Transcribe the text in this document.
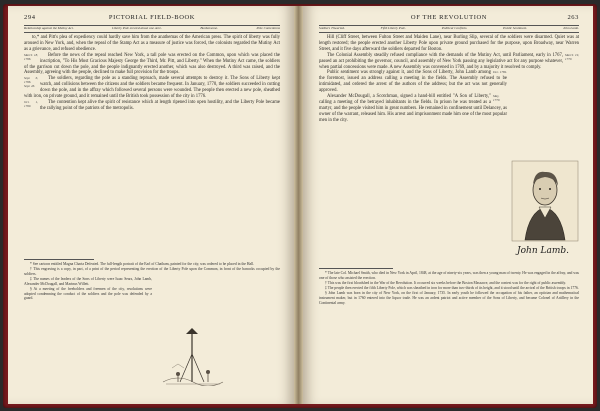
294	PICTORIAL FIELD-BOOK
Relationship against the Mutiny Act.	Liberty Pole erected about one Acre.	Burdensome.	Pole Contentions

to,* and Pitt's plea of expediency could hardly save him from the anathemas of the American press. The spirit of liberty was fully aroused in New York, and, when the repeal of the Stamp Act as a measure of justice was forced, the colonists regarded the Mutiny Act as a grievance, and refused obedience.

March 18, 1766.
Before the news of the repeal reached New York, a tall pole was erected on the Common, upon which was placed the inscription, "To His Most Gracious Majesty George the Third, Mr. Pitt, and Liberty." When the Mutiny Act came, the soldiers of the garrison cut down the pole, and the people indignantly erected another, which was also destroyed. A third was raised, and the Assembly, agreeing with the people, declined to make full provision for the troops.

Sept. 6, 1766. Sept. 26.
The soldiers, regarding the pole as a standing reproach, made several attempts to destroy it. The Sons of Liberty kept watch, and collisions between the citizens and the soldiers became frequent. In January, 1770, the soldiers succeeded in cutting down the pole, and in the affray which followed several persons were wounded. The people then erected a new pole, sheathed with iron, on private ground, and it remained until the British took possession of the city in 1776.

Oct. 1, 1769.
The contention kept alive the spirit of resistance which at length ripened into open hostility, and the Liberty Pole became the rallying point of the patriots of the metropolis.

* See cartoon entitled Magna Charta Defeated. The full-length portrait of the Earl of Chatham, painted for the city, was ordered to be placed in the Hall.

† This engraving is a copy, in part, of a print of the period representing the erection of the Liberty Pole upon the Common, in front of the barracks occupied by the soldiers.

‡ The names of the leaders of the Sons of Liberty were Isaac Sears, John Lamb, Alexander McDougall, and Marinus Willett.

§ At a meeting of the freeholders and freemen of the city, resolutions were adopted condemning the conduct of the soldiers and the pole was defended by a guard.

OF THE REVOLUTION	263
Soldiers Thwarted.	Fifth Liberty Pole.	Political Conflicts.	Public Sentiment.	John Lamb.

Hill (Cliff Street, between Fulton Street and Maiden Lane), near Burling Slip, several of the soldiers were disarmed. Quiet was at length restored; the people erected another Liberty Pole upon private ground purchased for the purpose, upon Broadway, near Warren Street, and it five days afterward the soldiers departed for Boston.

March 19, 1770.
The Colonial Assembly steadily refused compliance with the demands of the Mutiny Act, until Parliament, early in 1767, passed an act prohibiting the governor, council, and assembly of New York passing any legislative act for any purpose whatever, when partial concessions were made. A new Assembly was convened in 1769, and by a majority it resolved to comply.

Dec. 1769.
Public sentiment was strongly against it, and the Sons of Liberty, John Lamb among the foremost, issued an address calling a meeting in the fields. The Assembly refused to be intimidated, and ordered the arrest of the authors of the address; but the act was not generally approved.

May, 1770.
Alexander McDougall, a Scotchman, signed a hand-bill entitled "A Son of Liberty," calling a meeting of the betrayed inhabitants in the fields. In prison he was treated as a martyr, and the people visited him in great numbers. He remained in confinement until Delancey, as owner of the warrant, released him. His arrest and imprisonment made him one of the most popular men in the city.

John Lamb.

* The late Col. Michael Smith, who died in New York in April, 1848, at the age of ninety-six years, was then a young man of twenty. He was engaged in the affray, and was one of those who assisted the erection.

† This was the first bloodshed in the War of the Revolution. It occurred six weeks before the Boston Massacre, and the contest was for the right of public assembly.

‡ The people then erected the fifth Liberty Pole, which was sheathed in iron for more than two-thirds of its height, and it stood until the arrival of the British troops in 1776.

§ John Lamb was born in the city of New York, on the first of January, 1735. In early youth he followed the occupation of his father, an optician and mathematical instrument maker, but in 1760 entered into the liquor trade. He was an ardent patriot and active member of the Sons of Liberty, and became Colonel of Artillery in the Continental army.
